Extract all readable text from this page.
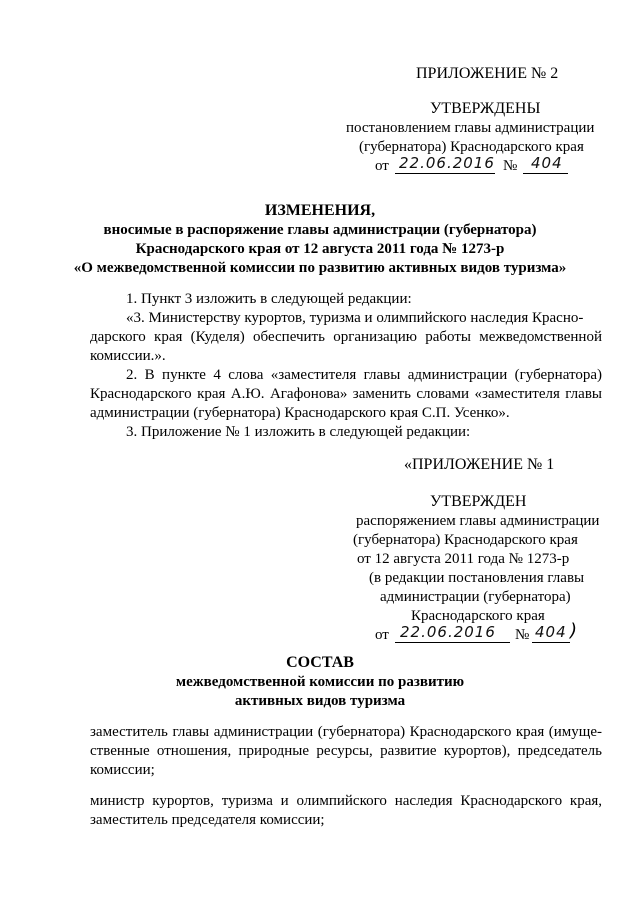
ПРИЛОЖЕНИЕ № 2
УТВЕРЖДЕНЫ
постановлением главы администрации
(губернатора) Краснодарского края
от 22.06.2016 № 404
ИЗМЕНЕНИЯ,
вносимые в распоряжение главы администрации (губернатора)
Краснодарского края от 12 августа 2011 года № 1273-р
«О межведомственной комиссии по развитию активных видов туризма»
1. Пункт 3 изложить в следующей редакции:
«3. Министерству курортов, туризма и олимпийского наследия Красно-
дарского края (Куделя) обеспечить организацию работы межведомственной
комиссии.».
2. В пункте 4 слова «заместителя главы администрации (губернатора)
Краснодарского края А.Ю. Агафонова» заменить словами «заместителя главы
администрации (губернатора) Краснодарского края С.П. Усенко».
3. Приложение № 1 изложить в следующей редакции:
«ПРИЛОЖЕНИЕ № 1
УТВЕРЖДЕН
распоряжением главы администрации
(губернатора) Краснодарского края
от 12 августа 2011 года № 1273-р
(в редакции постановления главы
администрации (губернатора)
Краснодарского края
от 22.06.2016 № 404 )
СОСТАВ
межведомственной комиссии по развитию
активных видов туризма
заместитель главы администрации (губернатора) Краснодарского края (имуще-
ственные отношения, природные ресурсы, развитие курортов), председатель
комиссии;
министр курортов, туризма и олимпийского наследия Краснодарского края,
заместитель председателя комиссии;
